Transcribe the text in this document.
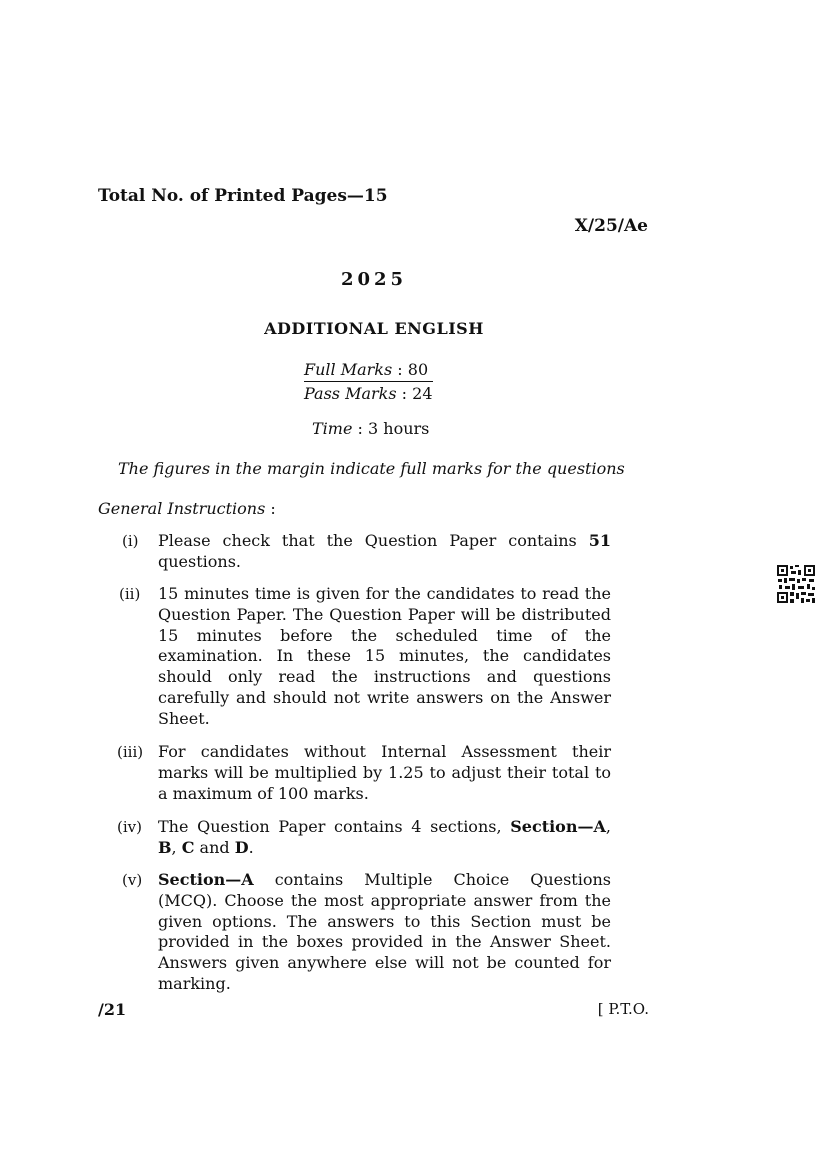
Total No. of Printed Pages—15
X/25/Ae
2025
ADDITIONAL ENGLISH
Full Marks : 80
Pass Marks : 24
Time : 3 hours
The figures in the margin indicate full marks for the questions
General Instructions :
(i)	Please check that the Question Paper contains 51 questions.
(ii)	15 minutes time is given for the candidates to read the Question Paper. The Question Paper will be distributed 15 minutes before the scheduled time of the examination. In these 15 minutes, the candidates should only read the instructions and questions carefully and should not write answers on the Answer Sheet.
(iii) For candidates without Internal Assessment their marks will be multiplied by 1.25 to adjust their total to a maximum of 100 marks.
(iv)	The Question Paper contains 4 sections, Section—A, B, C and D.
(v) Section—A contains Multiple Choice Questions (MCQ). Choose the most appropriate answer from the given options. The answers to this Section must be provided in the boxes provided in the Answer Sheet. Answers given anywhere else will not be counted for marking.
/21	[ P.T.O.
